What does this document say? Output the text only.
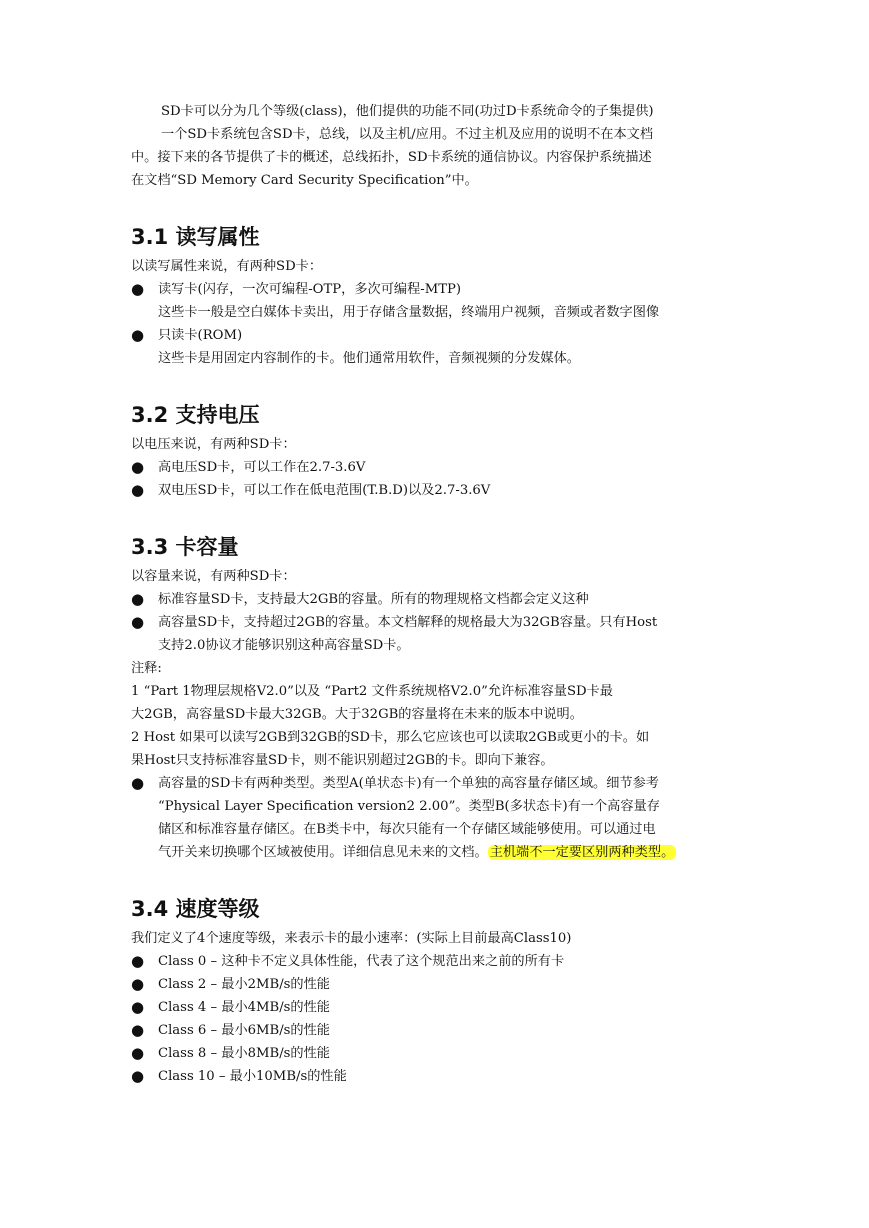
SD卡可以分为几个等级(class)，他们提供的功能不同(功过D卡系统命令的子集提供)
一个SD卡系统包含SD卡，总线，以及主机/应用。不过主机及应用的说明不在本文档
中。接下来的各节提供了卡的概述，总线拓扑，SD卡系统的通信协议。内容保护系统描述
在文档“SD Memory Card Security Specification”中。
3.1 读写属性
以读写属性来说，有两种SD卡：
● 读写卡(闪存，一次可编程-OTP，多次可编程-MTP)
这些卡一般是空白媒体卡卖出，用于存储含量数据，终端用户视频，音频或者数字图像
● 只读卡(ROM)
这些卡是用固定内容制作的卡。他们通常用软件，音频视频的分发媒体。
3.2 支持电压
以电压来说，有两种SD卡：
● 高电压SD卡，可以工作在2.7-3.6V
● 双电压SD卡，可以工作在低电范围(T.B.D)以及2.7-3.6V
3.3 卡容量
以容量来说，有两种SD卡：
● 标准容量SD卡，支持最大2GB的容量。所有的物理规格文档都会定义这种
● 高容量SD卡，支持超过2GB的容量。本文档解释的规格最大为32GB容量。只有Host
支持2.0协议才能够识别这种高容量SD卡。
注释:
1 “Part 1物理层规格V2.0”以及 “Part2 文件系统规格V2.0”允许标准容量SD卡最
大2GB，高容量SD卡最大32GB。大于32GB的容量将在未来的版本中说明。
2 Host 如果可以读写2GB到32GB的SD卡，那么它应该也可以读取2GB或更小的卡。如
果Host只支持标准容量SD卡，则不能识别超过2GB的卡。即向下兼容。
● 高容量的SD卡有两种类型。类型A(单状态卡)有一个单独的高容量存储区域。细节参考
“Physical Layer Specification version2 2.00”。类型B(多状态卡)有一个高容量存
储区和标准容量存储区。在B类卡中，每次只能有一个存储区域能够使用。可以通过电
气开关来切换哪个区域被使用。详细信息见未来的文档。 主机端不一定要区别两种类型。
3.4 速度等级
我们定义了4个速度等级，来表示卡的最小速率：(实际上目前最高Class10)
● Class 0 – 这种卡不定义具体性能，代表了这个规范出来之前的所有卡
● Class 2 – 最小2MB/s的性能
● Class 4 – 最小4MB/s的性能
● Class 6 – 最小6MB/s的性能
● Class 8 – 最小8MB/s的性能
● Class 10 – 最小10MB/s的性能
